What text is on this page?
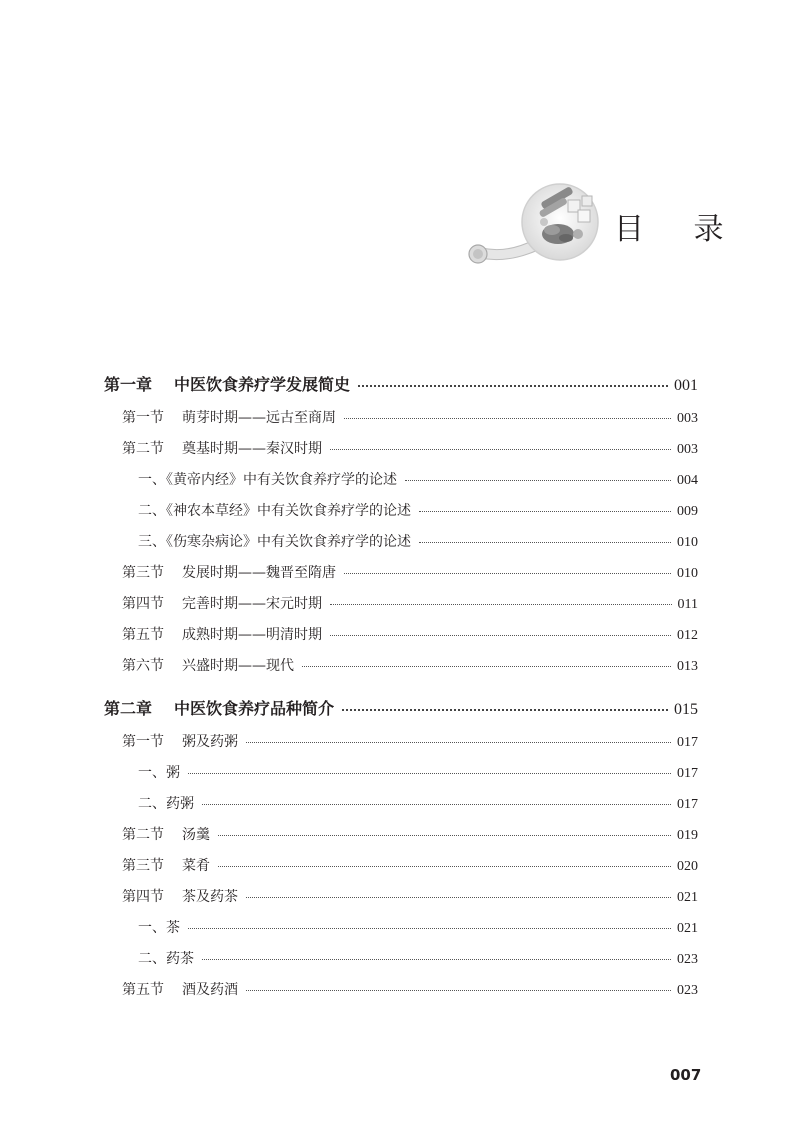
目 录
第一章 中医饮食养疗学发展简史	001
第一节 萌芽时期——远古至商周	003
第二节 奠基时期——秦汉时期	003
一、《黄帝内经》中有关饮食养疗学的论述	004
二、《神农本草经》中有关饮食养疗学的论述	009
三、《伤寒杂病论》中有关饮食养疗学的论述	010
第三节 发展时期——魏晋至隋唐	010
第四节 完善时期——宋元时期	011
第五节 成熟时期——明清时期	012
第六节 兴盛时期——现代	013
第二章 中医饮食养疗品种简介	015
第一节 粥及药粥	017
一、粥	017
二、药粥	017
第二节 汤羹	019
第三节 菜肴	020
第四节 茶及药茶	021
一、茶	021
二、药茶	023
第五节 酒及药酒	023
007
